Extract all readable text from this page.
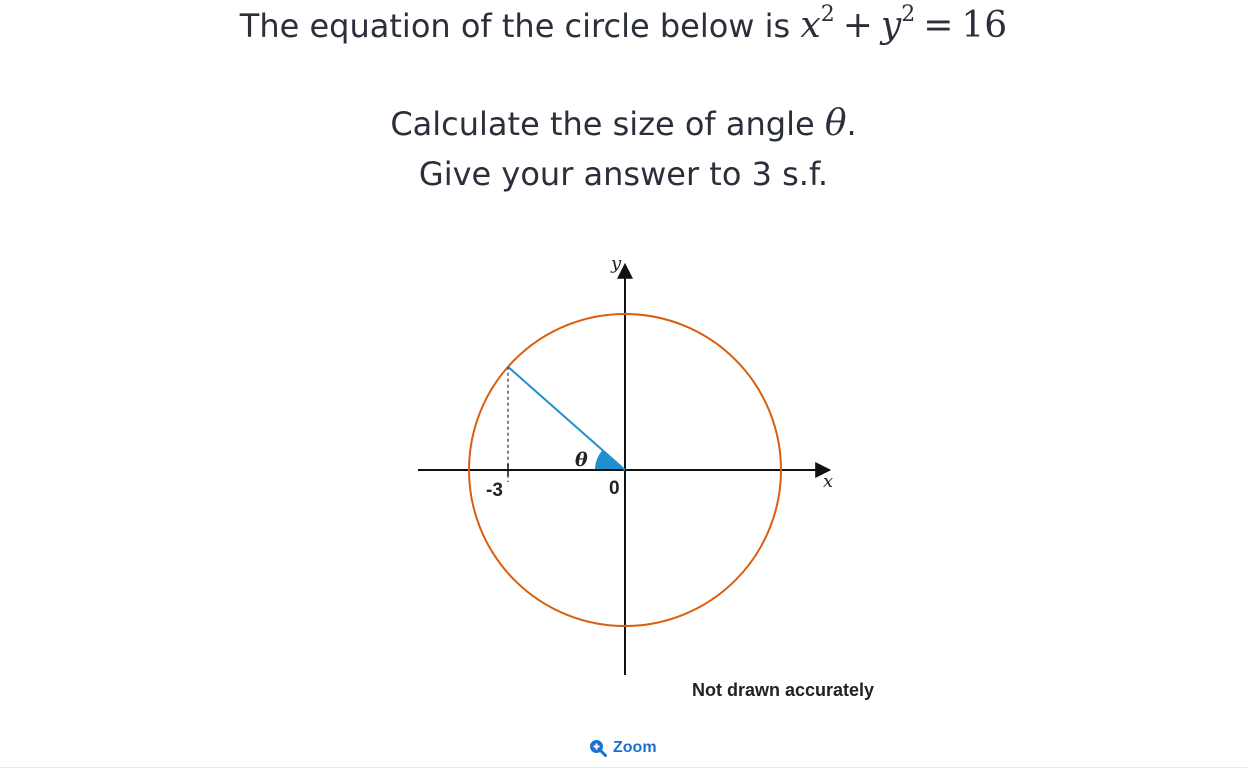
The equation of the circle below is $x^2 + y^2 = 16$
Calculate the size of angle θ.
Give your answer to 3 s.f.
y
x
-3	0
θ
Not drawn accurately
Zoom
